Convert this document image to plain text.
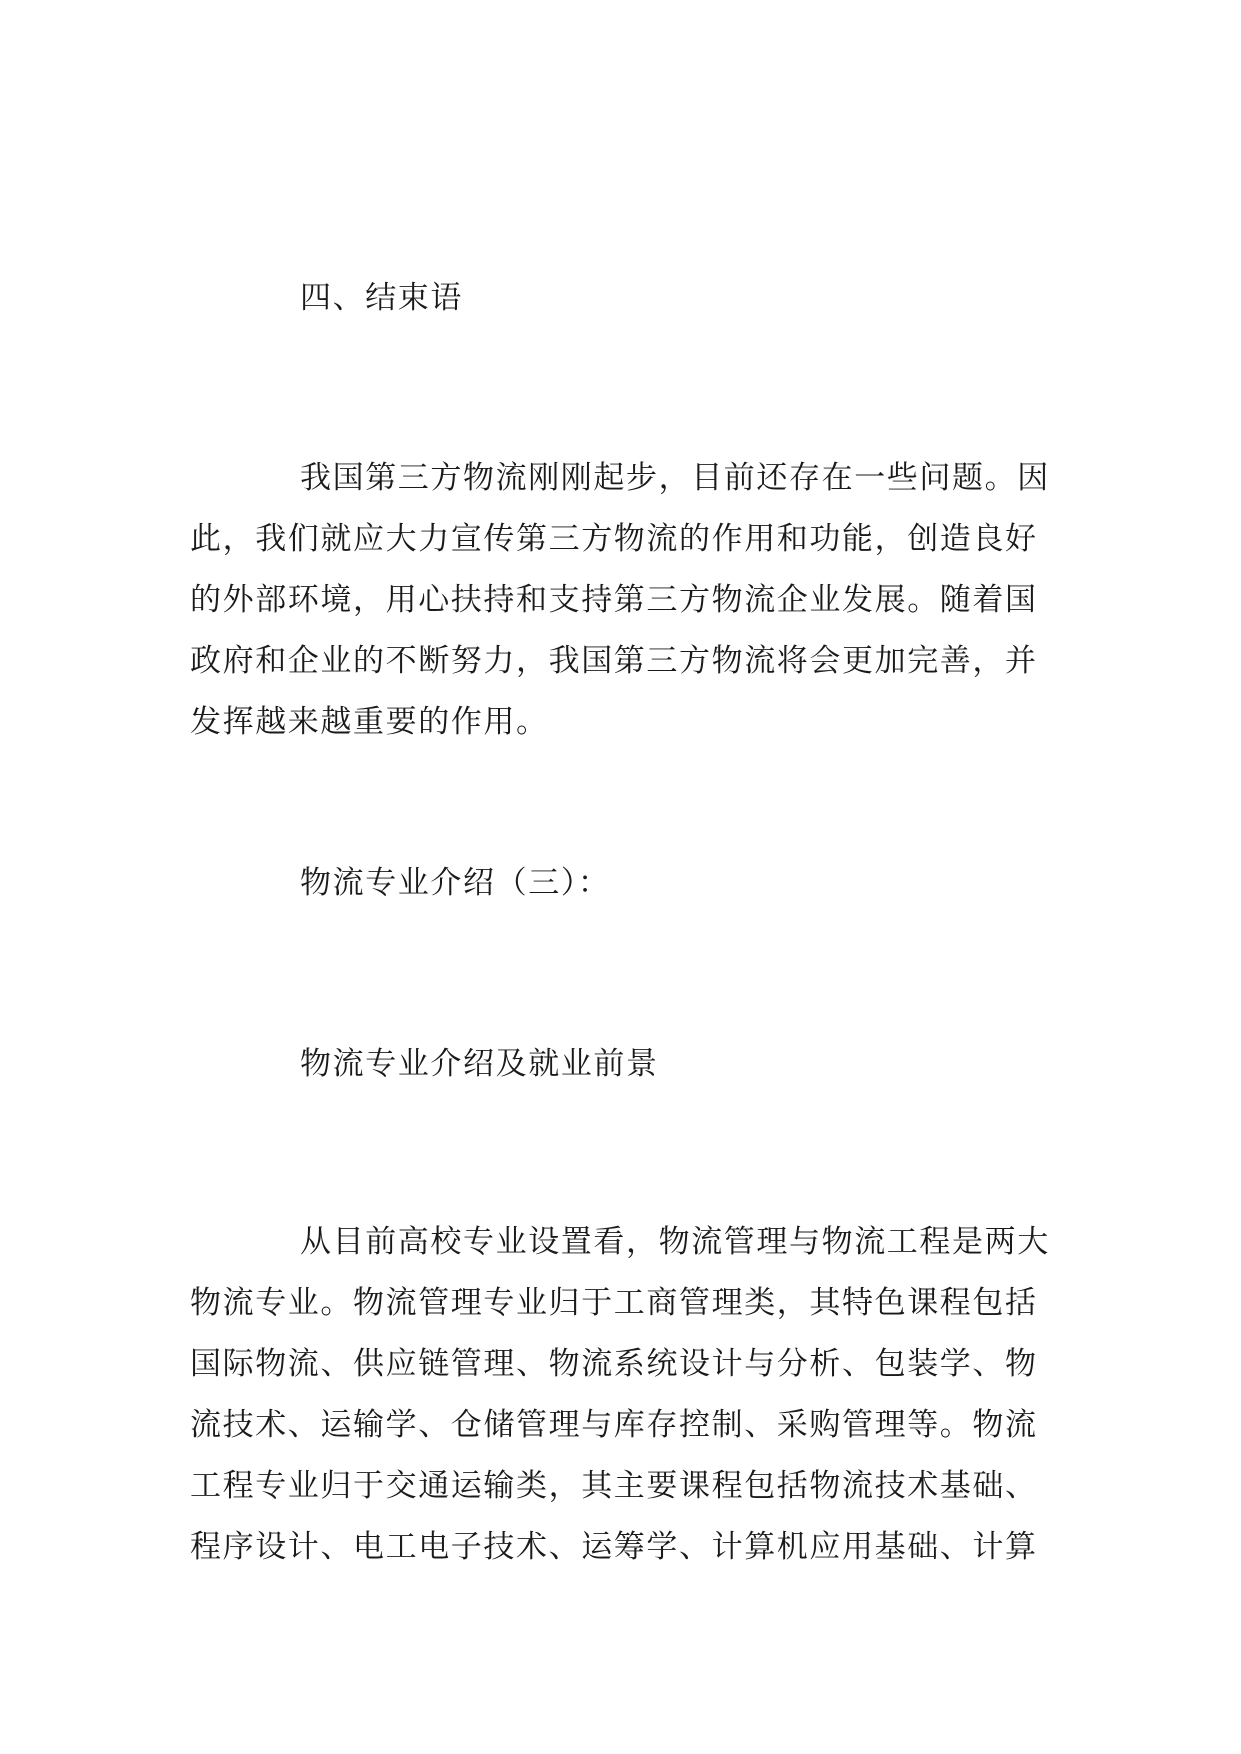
四、结束语
我国第三方物流刚刚起步，目前还存在一些问题。因
此，我们就应大力宣传第三方物流的作用和功能，创造良好
的外部环境，用心扶持和支持第三方物流企业发展。随着国
政府和企业的不断努力，我国第三方物流将会更加完善，并
发挥越来越重要的作用。
物流专业介绍（三）：
物流专业介绍及就业前景
从目前高校专业设置看，物流管理与物流工程是两大
物流专业。物流管理专业归于工商管理类，其特色课程包括
国际物流、供应链管理、物流系统设计与分析、包装学、物
流技术、运输学、仓储管理与库存控制、采购管理等。物流
工程专业归于交通运输类，其主要课程包括物流技术基础、
程序设计、电工电子技术、运筹学、计算机应用基础、计算
